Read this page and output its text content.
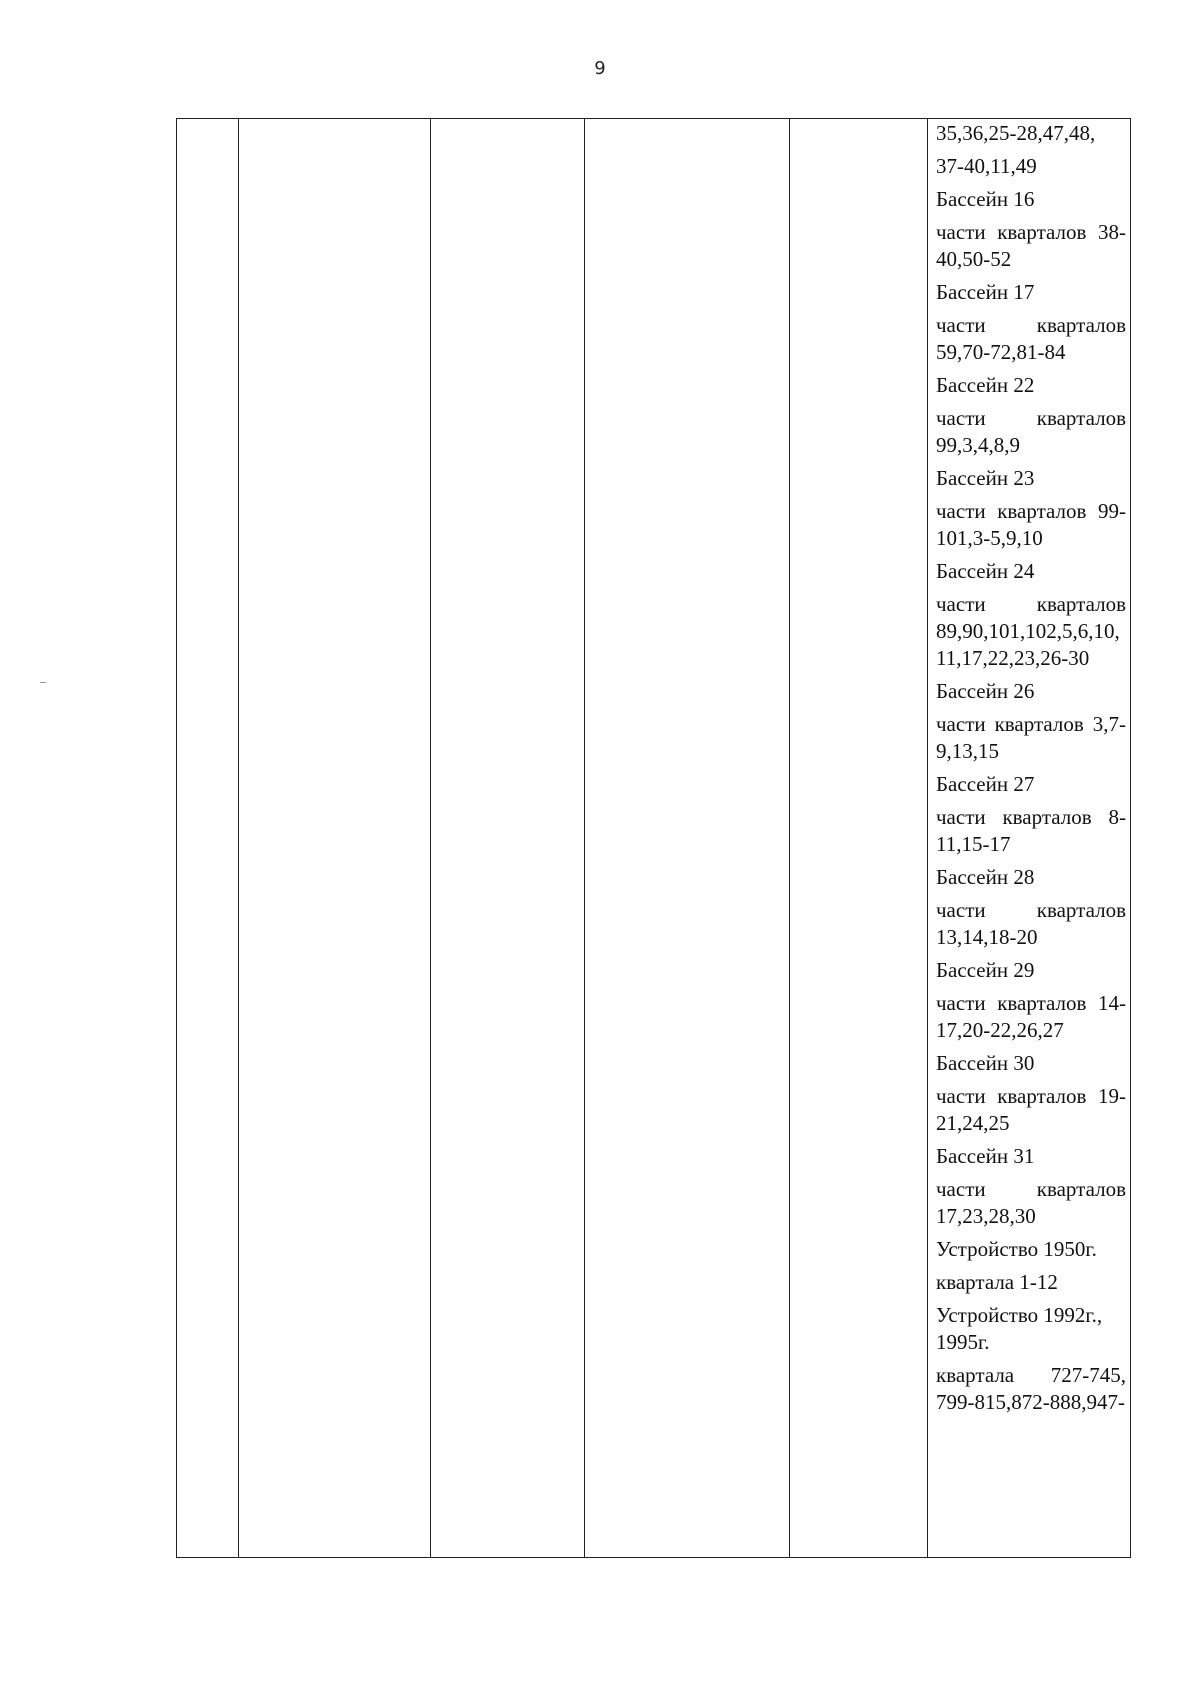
9
35,36,25-28,47,48,
37-40,11,49
Бассейн 16
части кварталов 38-40,50-52
Бассейн 17
части кварталов 59,70-72,81-84
Бассейн 22
части кварталов 99,3,4,8,9
Бассейн 23
части кварталов 99-101,3-5,9,10
Бассейн 24
части кварталов 89,90,101,102,5,6,10, 11,17,22,23,26-30
Бассейн 26
части кварталов 3,7-9,13,15
Бассейн 27
части кварталов 8-11,15-17
Бассейн 28
части кварталов 13,14,18-20
Бассейн 29
части кварталов 14-17,20-22,26,27
Бассейн 30
части кварталов 19-21,24,25
Бассейн 31
части кварталов 17,23,28,30
Устройство 1950г.
квартала 1-12
Устройство 1992г., 1995г.
квартала 727-745, 799-815,872-888,947-
